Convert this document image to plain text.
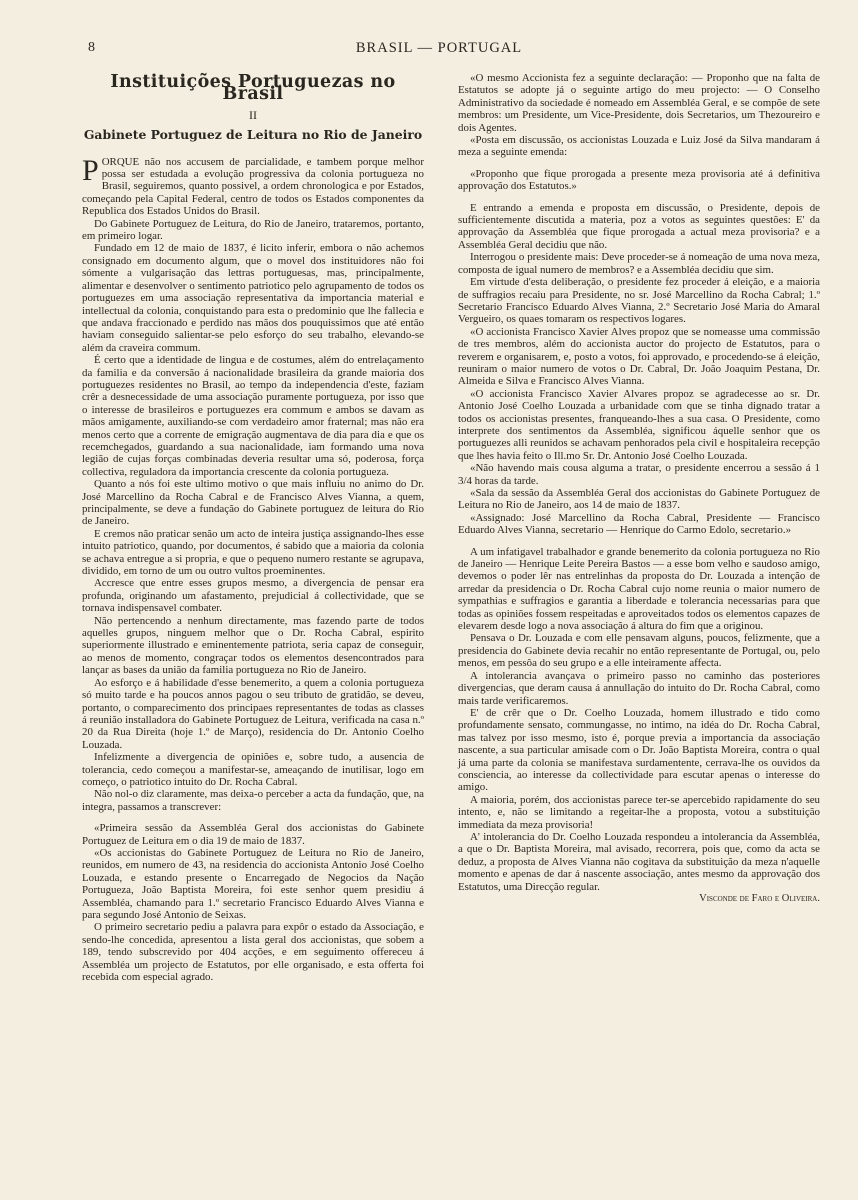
8	BRASIL — PORTUGAL
Instituições Portuguezas no Brasil
II
Gabinete Portuguez de Leitura no Rio de Janeiro

PORQUE não nos accusem de parcialidade, e tambem porque melhor possa ser estudada a evolução progressiva da colonia portugueza no Brasil, seguiremos, quanto possivel, a ordem chronologica e por Estados, começando pela Capital Federal, centro de todos os Estados componentes da Republica dos Estados Unidos do Brasil.

Do Gabinete Portuguez de Leitura, do Rio de Janeiro, trataremos, portanto, em primeiro logar.

Fundado em 12 de maio de 1837, é licito inferir, embora o não achemos consignado em documento algum, que o movel dos instituidores não foi sómente a vulgarisação das lettras portuguesas, mas, principalmente, alimentar e desenvolver o sentimento patriotico pelo agrupamento de todos os portuguezes em uma associação representativa da importancia material e intellectual da colonia, conquistando para esta o predominio que lhe fallecia e que andava fraccionado e perdido nas mãos dos pouquissimos que até então haviam conseguido salientar-se pelo esforço do seu trabalho, elevando-se além da craveira commum.

É certo que a identidade de lingua e de costumes, além do entrelaçamento da familia e da conversão á nacionalidade brasileira da grande maioria dos portuguezes residentes no Brasil, ao tempo da independencia d'este, faziam crêr a desnecessidade de uma associação puramente portugueza, por isso que o interesse de brasileiros e portuguezes era commum e ambos se davam as mãos amigamente, auxiliando-se com verdadeiro amor fraternal; mas não era menos certo que a corrente de emigração augmentava de dia para dia e que os recemchegados, guardando a sua nacionalidade, iam formando uma nova legião de cujas forças combinadas deveria resultar uma só, poderosa, força collectiva, reguladora da importancia crescente da colonia portugueza.

Quanto a nós foi este ultimo motivo o que mais influiu no animo do Dr. José Marcellino da Rocha Cabral e de Francisco Alves Vianna, a quem, principalmente, se deve a fundação do Gabinete portuguez de leitura do Rio de Janeiro.

E cremos não praticar senão um acto de inteira justiça assignando-lhes esse intuito patriotico, quando, por documentos, é sabido que a maioria da colonia se achava entregue a si propria, e que o pequeno numero restante se agrupava, dividido, em torno de um ou outro vultos proeminentes.

Accresce que entre esses grupos mesmo, a divergencia de pensar era profunda, originando um afastamento, prejudicial á collectividade, que se tornava indispensavel combater.

Não pertencendo a nenhum directamente, mas fazendo parte de todos aquelles grupos, ninguem melhor que o Dr. Rocha Cabral, espirito superiormente illustrado e eminentemente patriota, seria capaz de conseguir, ao menos de momento, congraçar todos os elementos desencontrados para lançar as bases da união da familia portugueza no Rio de Janeiro.

Ao esforço e á habilidade d'esse benemerito, a quem a colonia portugueza só muito tarde e ha poucos annos pagou o seu tributo de gratidão, se deveu, portanto, o comparecimento dos principaes representantes de todas as classes á reunião installadora do Gabinete Portuguez de Leitura, verificada na casa n.º 20 da Rua Direita (hoje 1.º de Março), residencia do Dr. Antonio Coelho Louzada.

Infelizmente a divergencia de opiniões e, sobre tudo, a ausencia de tolerancia, cedo começou a manifestar-se, ameaçando de inutilisar, logo em começo, o patriotico intuito do Dr. Rocha Cabral.

Não nol-o diz claramente, mas deixa-o perceber a acta da fundação, que, na integra, passamos a transcrever:

«Primeira sessão da Assembléa Geral dos accionistas do Gabinete Portuguez de Leitura em o dia 19 de maio de 1837.

«Os accionistas do Gabinete Portuguez de Leitura no Rio de Janeiro, reunidos, em numero de 43, na residencia do accionista Antonio José Coelho Louzada, e estando presente o Encarregado de Negocios da Nação Portugueza, João Baptista Moreira, foi este senhor quem presidiu á Assembléa, chamando para 1.º secretario Francisco Eduardo Alves Vianna e para segundo José Antonio de Seixas.

O primeiro secretario pediu a palavra para expôr o estado da Associação, e sendo-lhe concedida, apresentou a lista geral dos accionistas, que sobem a 189, tendo subscrevido por 404 acções, e em seguimento offereceu á Assembléa um projecto de Estatutos, por elle organisado, e esta offerta foi recebida com especial agrado.

«O mesmo Accionista fez a seguinte declaração: — Proponho que na falta de Estatutos se adopte já o seguinte artigo do meu projecto: — O Conselho Administrativo da sociedade é nomeado em Assembléa Geral, e se compõe de sete membros: um Presidente, um Vice-Presidente, dois Secretarios, um Thezoureiro e dois Agentes.

«Posta em discussão, os accionistas Louzada e Luiz José da Silva mandaram á meza a seguinte emenda:

«Proponho que fique prorogada a presente meza provisoria até á definitiva approvação dos Estatutos.»

E entrando a emenda e proposta em discussão, o Presidente, depois de sufficientemente discutida a materia, poz a votos as seguintes questões: E' da approvação da Assembléa que fique prorogada a actual meza provisoria? e a Assembléa Geral decidiu que não.

Interrogou o presidente mais: Deve proceder-se á nomeação de uma nova meza, composta de igual numero de membros? e a Assembléa decidiu que sim.

Em virtude d'esta deliberação, o presidente fez proceder á eleição, e a maioria de suffragios recaiu para Presidente, no sr. José Marcellino da Rocha Cabral; 1.º Secretario Francisco Eduardo Alves Vianna, 2.º Secretario José Maria do Amaral Vergueiro, os quaes tomaram os respectivos logares.

«O accionista Francisco Xavier Alves propoz que se nomeasse uma commissão de tres membros, além do accionista auctor do projecto de Estatutos, para o reverem e organisarem, e, posto a votos, foi approvado, e procedendo-se á eleição, reuniram o maior numero de votos o Dr. Cabral, Dr. João Joaquim Pestana, Dr. Almeida e Silva e Francisco Alves Vianna.

«O accionista Francisco Xavier Alvares propoz se agradecesse ao sr. Dr. Antonio José Coelho Louzada a urbanidade com que se tinha dignado tratar a todos os accionistas presentes, franqueando-lhes a sua casa. O Presidente, como interprete dos sentimentos da Assembléa, significou áquelle senhor que os portuguezes alli reunidos se achavam penhorados pela civil e hospitaleira recepção que lhes havia feito o Ill.mo Sr. Dr. Antonio José Coelho Louzada.

«Não havendo mais cousa alguma a tratar, o presidente encerrou a sessão á 1 3/4 horas da tarde.

«Sala da sessão da Assembléa Geral dos accionistas do Gabinete Portuguez de Leitura no Rio de Janeiro, aos 14 de maio de 1837.

«Assignado: José Marcellino da Rocha Cabral, Presidente — Francisco Eduardo Alves Vianna, secretario — Henrique do Carmo Edolo, secretario.»

A um infatigavel trabalhador e grande benemerito da colonia portugueza no Rio de Janeiro — Henrique Leite Pereira Bastos — a esse bom velho e saudoso amigo, devemos o poder lêr nas entrelinhas da proposta do Dr. Louzada a intenção de arredar da presidencia o Dr. Rocha Cabral cujo nome reunia o maior numero de sympathias e suffragios e garantia a liberdade e tolerancia necessarias para que todas as opiniões fossem respeitadas e aproveitados todos os elementos capazes de elevarem desde logo a nova associação á altura do fim que a originou.

Pensava o Dr. Louzada e com elle pensavam alguns, poucos, felizmente, que a presidencia do Gabinete devia recahir no então representante de Portugal, ou, pelo menos, em pessôa do seu grupo e a elle inteiramente affecta.

A intolerancia avançava o primeiro passo no caminho das posteriores divergencias, que deram causa á annullação do intuito do Dr. Rocha Cabral, como mais tarde verificaremos.

E' de crêr que o Dr. Coelho Louzada, homem illustrado e tido como profundamente sensato, commungasse, no intimo, na idéa do Dr. Rocha Cabral, mas talvez por isso mesmo, isto é, porque previa a importancia da associação nascente, a sua particular amisade com o Dr. João Baptista Moreira, contra o qual já uma parte da colonia se manifestava surdamentente, cerrava-lhe os ouvidos da consciencia, ao interesse da collectividade para escutar apenas o interesse do amigo.

A maioria, porém, dos accionistas parece ter-se apercebido rapidamente do seu intento, e, não se limitando a regeitar-lhe a proposta, votou a substituição immediata da meza provisoria!

A' intolerancia do Dr. Coelho Louzada respondeu a intolerancia da Assembléa, a que o Dr. Baptista Moreira, mal avisado, recorrera, pois que, como da acta se deduz, a proposta de Alves Vianna não cogitava da substituição da meza n'aquelle momento e apenas de dar á nascente associação, antes mesmo da approvação dos Estatutos, uma Direcção regular.

Visconde de Faro e Oliveira.
